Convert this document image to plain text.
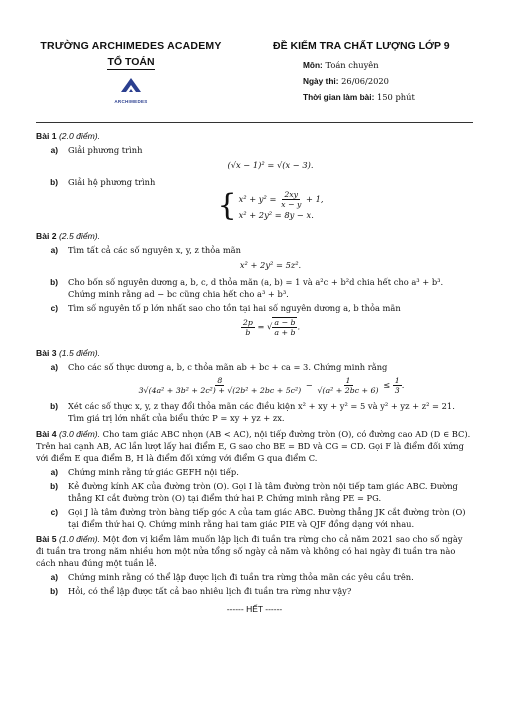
TRƯỜNG ARCHIMEDES ACADEMY
TỔ TOÁN
ARCHIMEDES
ĐỀ KIỂM TRA CHẤT LƯỢNG LỚP 9
Môn: Toán chuyên
Ngày thi: 26/06/2020
Thời gian làm bài: 150 phút
Bài 1 (2.0 điểm).
a)	Giải phương trình
(√x − 1)² = √(x − 3).
b)	Giải hệ phương trình
{ $x^2 + y^2 = \frac{2xy}{x - y} + 1$,
x² + 2y² = 8y − x.
Bài 2 (2.5 điểm).
a)	Tìm tất cả các số nguyên x, y, z thỏa mãn
x² + 2y² = 5z².
b)	Cho bốn số nguyên dương a, b, c, d thỏa mãn (a, b) = 1 và a²c + b²d chia hết cho a³ + b³. Chứng minh rằng ad − bc cũng chia hết cho a³ + b³.
c)	Tìm số nguyên tố p lớn nhất sao cho tồn tại hai số nguyên dương a, b thỏa mãn
$\frac{2p}{b}$ = √ $\frac{a - b}{a + b}$ .
Bài 3 (1.5 điểm).
a)	Cho các số thực dương a, b, c thỏa mãn ab + bc + ca = 3. Chứng minh rằng
$\frac{8}{\text{3√(4a² + 3b² + 2c²) + √(2b² + 2bc + 5c²)}} - \frac{1}{\text{√(a² + 2bc + 6)}} \le \frac{1}{3}$ .
b)	Xét các số thực x, y, z thay đổi thỏa mãn các điều kiện x² + xy + y² = 5 và y² + yz + z² = 21. Tìm giá trị lớn nhất của biểu thức P = xy + yz + zx.
Bài 4 (3.0 điểm). Cho tam giác ABC nhọn (AB < AC), nội tiếp đường tròn (O), có đường cao AD (D ∈ BC). Trên hai cạnh AB, AC lần lượt lấy hai điểm E, G sao cho BE = BD và CG = CD. Gọi F là điểm đối xứng với điểm E qua điểm B, H là điểm đối xứng với điểm G qua điểm C.
a)	Chứng minh rằng tứ giác GEFH nội tiếp.
b)	Kẻ đường kính AK của đường tròn (O). Gọi I là tâm đường tròn nội tiếp tam giác ABC. Đường thẳng KI cắt đường tròn (O) tại điểm thứ hai P. Chứng minh rằng PE = PG.
c)	Gọi J là tâm đường tròn bàng tiếp góc A của tam giác ABC. Đường thẳng JK cắt đường tròn (O) tại điểm thứ hai Q. Chứng minh rằng hai tam giác PIE và QJF đồng dạng với nhau.
Bài 5 (1.0 điểm). Một đơn vị kiểm lâm muốn lập lịch đi tuần tra rừng cho cả năm 2021 sao cho số ngày đi tuần tra trong năm nhiều hơn một nửa tổng số ngày cả năm và không có hai ngày đi tuần tra nào cách nhau đúng một tuần lễ.
a)	Chứng minh rằng có thể lập được lịch đi tuần tra rừng thỏa mãn các yêu cầu trên.
b)	Hỏi, có thể lập được tất cả bao nhiêu lịch đi tuần tra rừng như vậy?
------ HẾT ------
